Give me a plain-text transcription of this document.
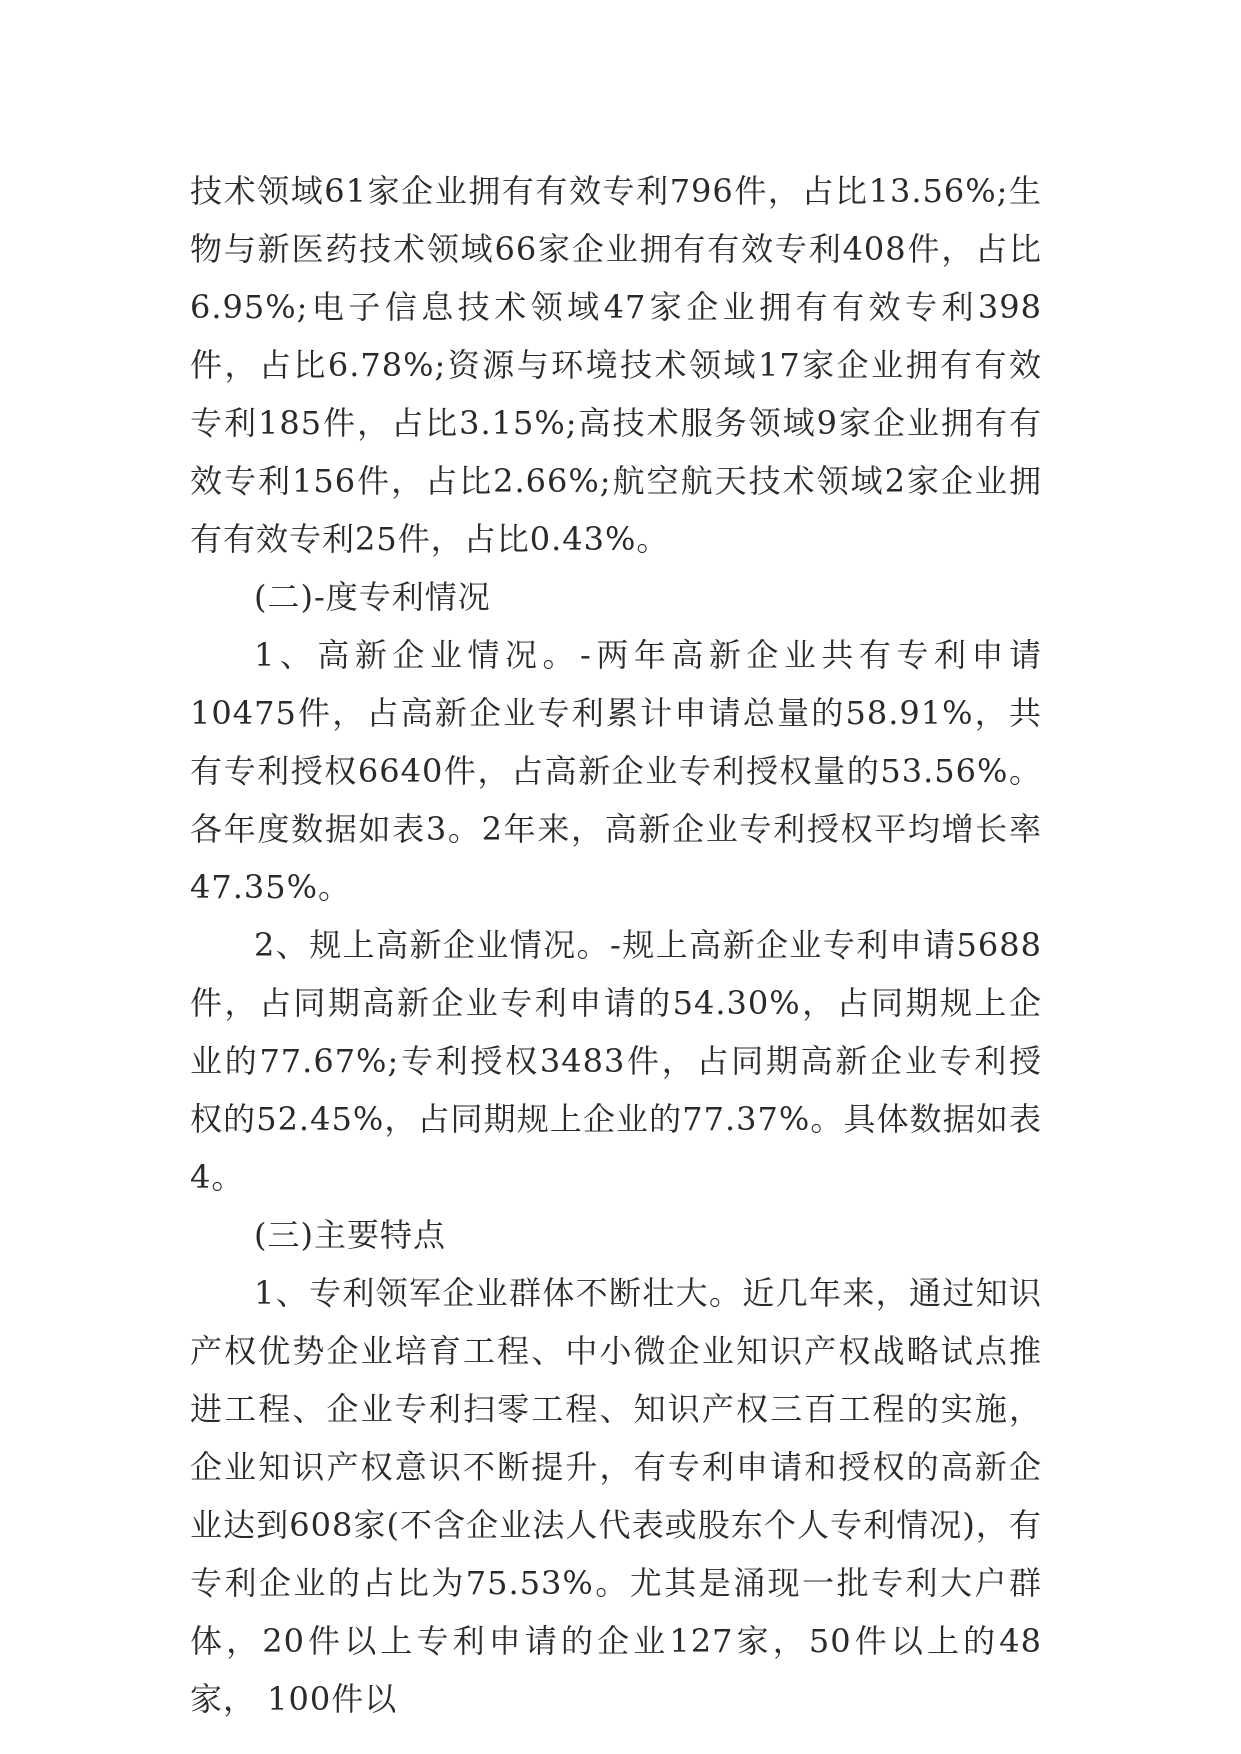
技术领域61家企业拥有有效专利796件，占比13.56%;生物与新医药技术领域66家企业拥有有效专利408件，占比6.95%;电子信息技术领域47家企业拥有有效专利398件，占比6.78%;资源与环境技术领域17家企业拥有有效专利185件，占比3.15%;高技术服务领域9家企业拥有有效专利156件，占比2.66%;航空航天技术领域2家企业拥有有效专利25件，占比0.43%。

(二)-度专利情况

1、高新企业情况。-两年高新企业共有专利申请10475件，占高新企业专利累计申请总量的58.91%，共有专利授权6640件，占高新企业专利授权量的53.56%。各年度数据如表3。2年来，高新企业专利授权平均增长率47.35%。

2、规上高新企业情况。-规上高新企业专利申请5688件，占同期高新企业专利申请的54.30%，占同期规上企业的77.67%;专利授权3483件，占同期高新企业专利授权的52.45%，占同期规上企业的77.37%。具体数据如表4。

(三)主要特点

1、专利领军企业群体不断壮大。近几年来，通过知识产权优势企业培育工程、中小微企业知识产权战略试点推进工程、企业专利扫零工程、知识产权三百工程的实施，企业知识产权意识不断提升，有专利申请和授权的高新企业达到608家(不含企业法人代表或股东个人专利情况)，有专利企业的占比为75.53%。尤其是涌现一批专利大户群体，20件以上专利申请的企业127家，50件以上的48家， 100件以
